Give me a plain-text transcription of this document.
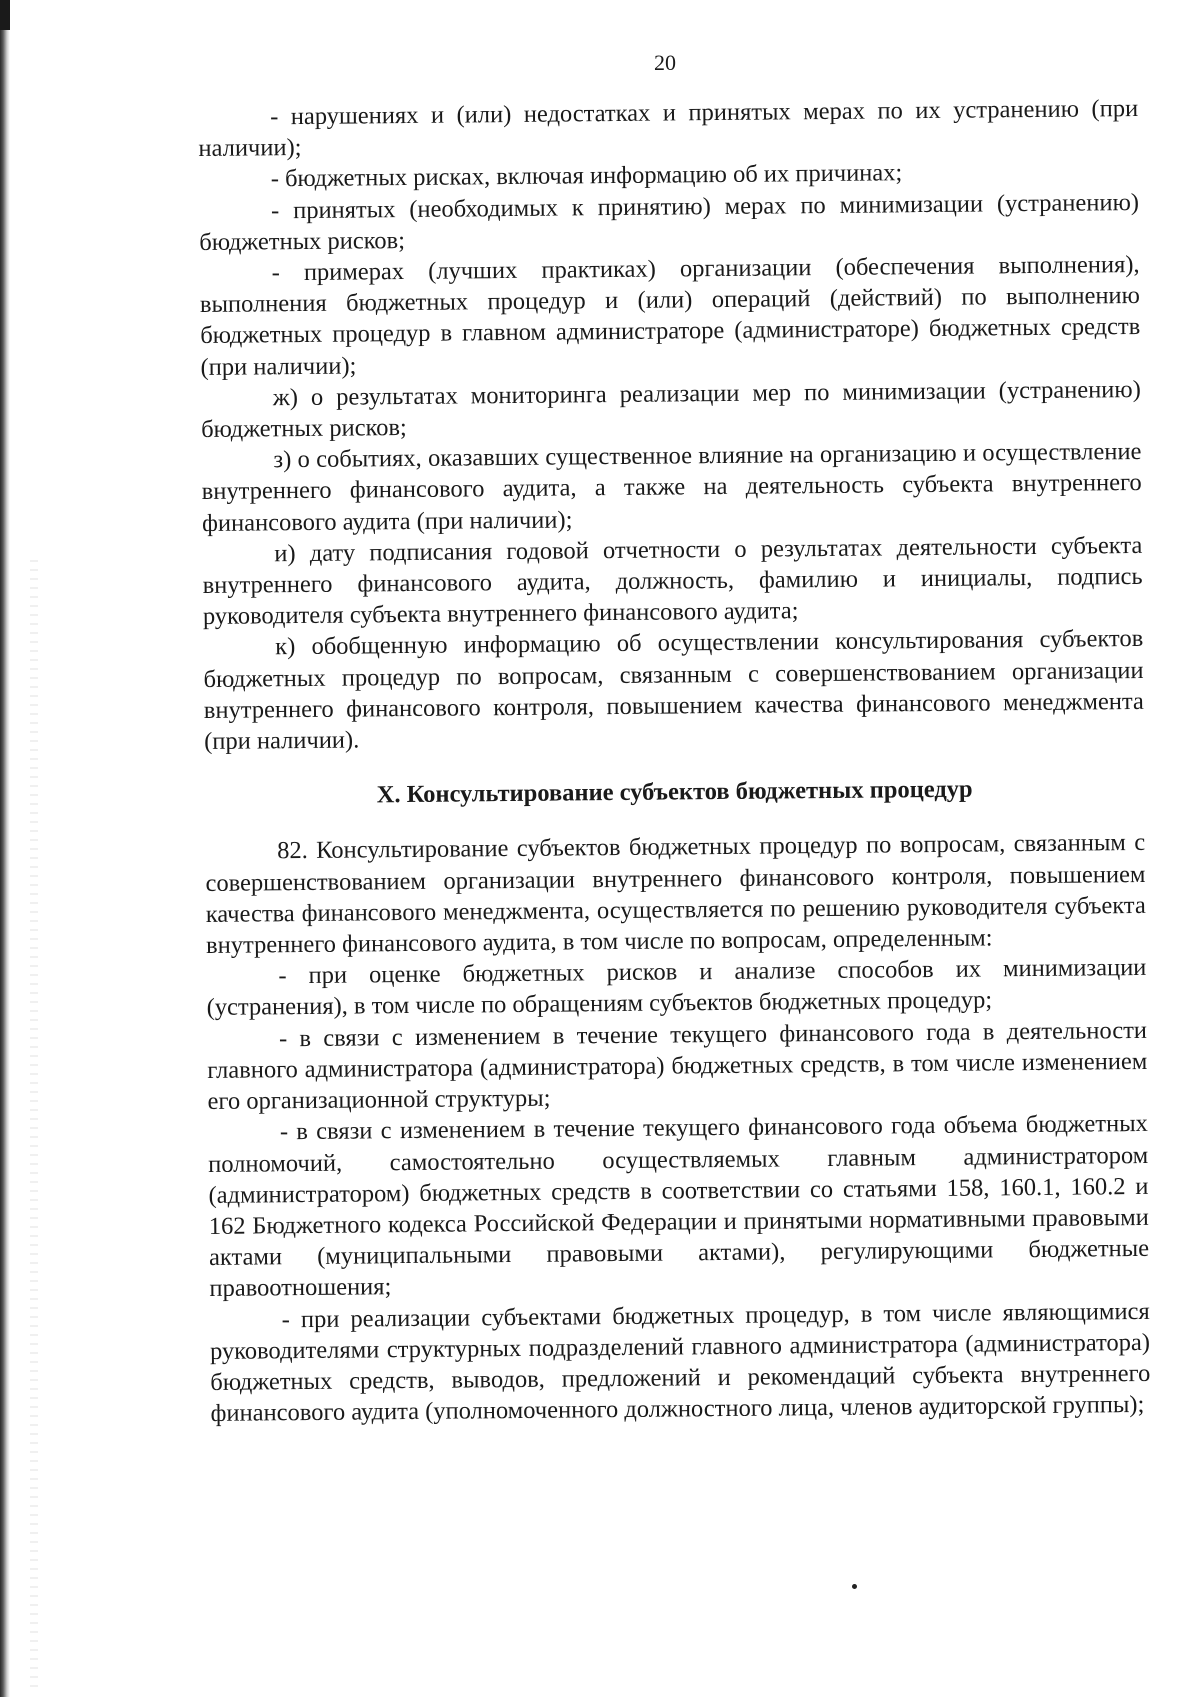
20

- нарушениях и (или) недостатках и принятых мерах по их устранению (при наличии);

- бюджетных рисках, включая информацию об их причинах;

- принятых (необходимых к принятию) мерах по минимизации (устранению) бюджетных рисков;

- примерах (лучших практиках) организации (обеспечения выполнения), выполнения бюджетных процедур и (или) операций (действий) по выполнению бюджетных процедур в главном администраторе (администраторе) бюджетных средств (при наличии);

ж) о результатах мониторинга реализации мер по минимизации (устранению) бюджетных рисков;

з) о событиях, оказавших существенное влияние на организацию и осуществление внутреннего финансового аудита, а также на деятельность субъекта внутреннего финансового аудита (при наличии);

и) дату подписания годовой отчетности о результатах деятельности субъекта внутреннего финансового аудита, должность, фамилию и инициалы, подпись руководителя субъекта внутреннего финансового аудита;

к) обобщенную информацию об осуществлении консультирования субъектов бюджетных процедур по вопросам, связанным с совершенствованием организации внутреннего финансового контроля, повышением качества финансового менеджмента (при наличии).

X. Консультирование субъектов бюджетных процедур

82. Консультирование субъектов бюджетных процедур по вопросам, связанным с совершенствованием организации внутреннего финансового контроля, повышением качества финансового менеджмента, осуществляется по решению руководителя субъекта внутреннего финансового аудита, в том числе по вопросам, определенным:

- при оценке бюджетных рисков и анализе способов их минимизации (устранения), в том числе по обращениям субъектов бюджетных процедур;

- в связи с изменением в течение текущего финансового года в деятельности главного администратора (администратора) бюджетных средств, в том числе изменением его организационной структуры;

- в связи с изменением в течение текущего финансового года объема бюджетных полномочий, самостоятельно осуществляемых главным администратором (администратором) бюджетных средств в соответствии со статьями 158, 160.1, 160.2 и 162 Бюджетного кодекса Российской Федерации и принятыми нормативными правовыми актами (муниципальными правовыми актами), регулирующими бюджетные правоотношения;

- при реализации субъектами бюджетных процедур, в том числе являющимися руководителями структурных подразделений главного администратора (администратора) бюджетных средств, выводов, предложений и рекомендаций субъекта внутреннего финансового аудита (уполномоченного должностного лица, членов аудиторской группы);
